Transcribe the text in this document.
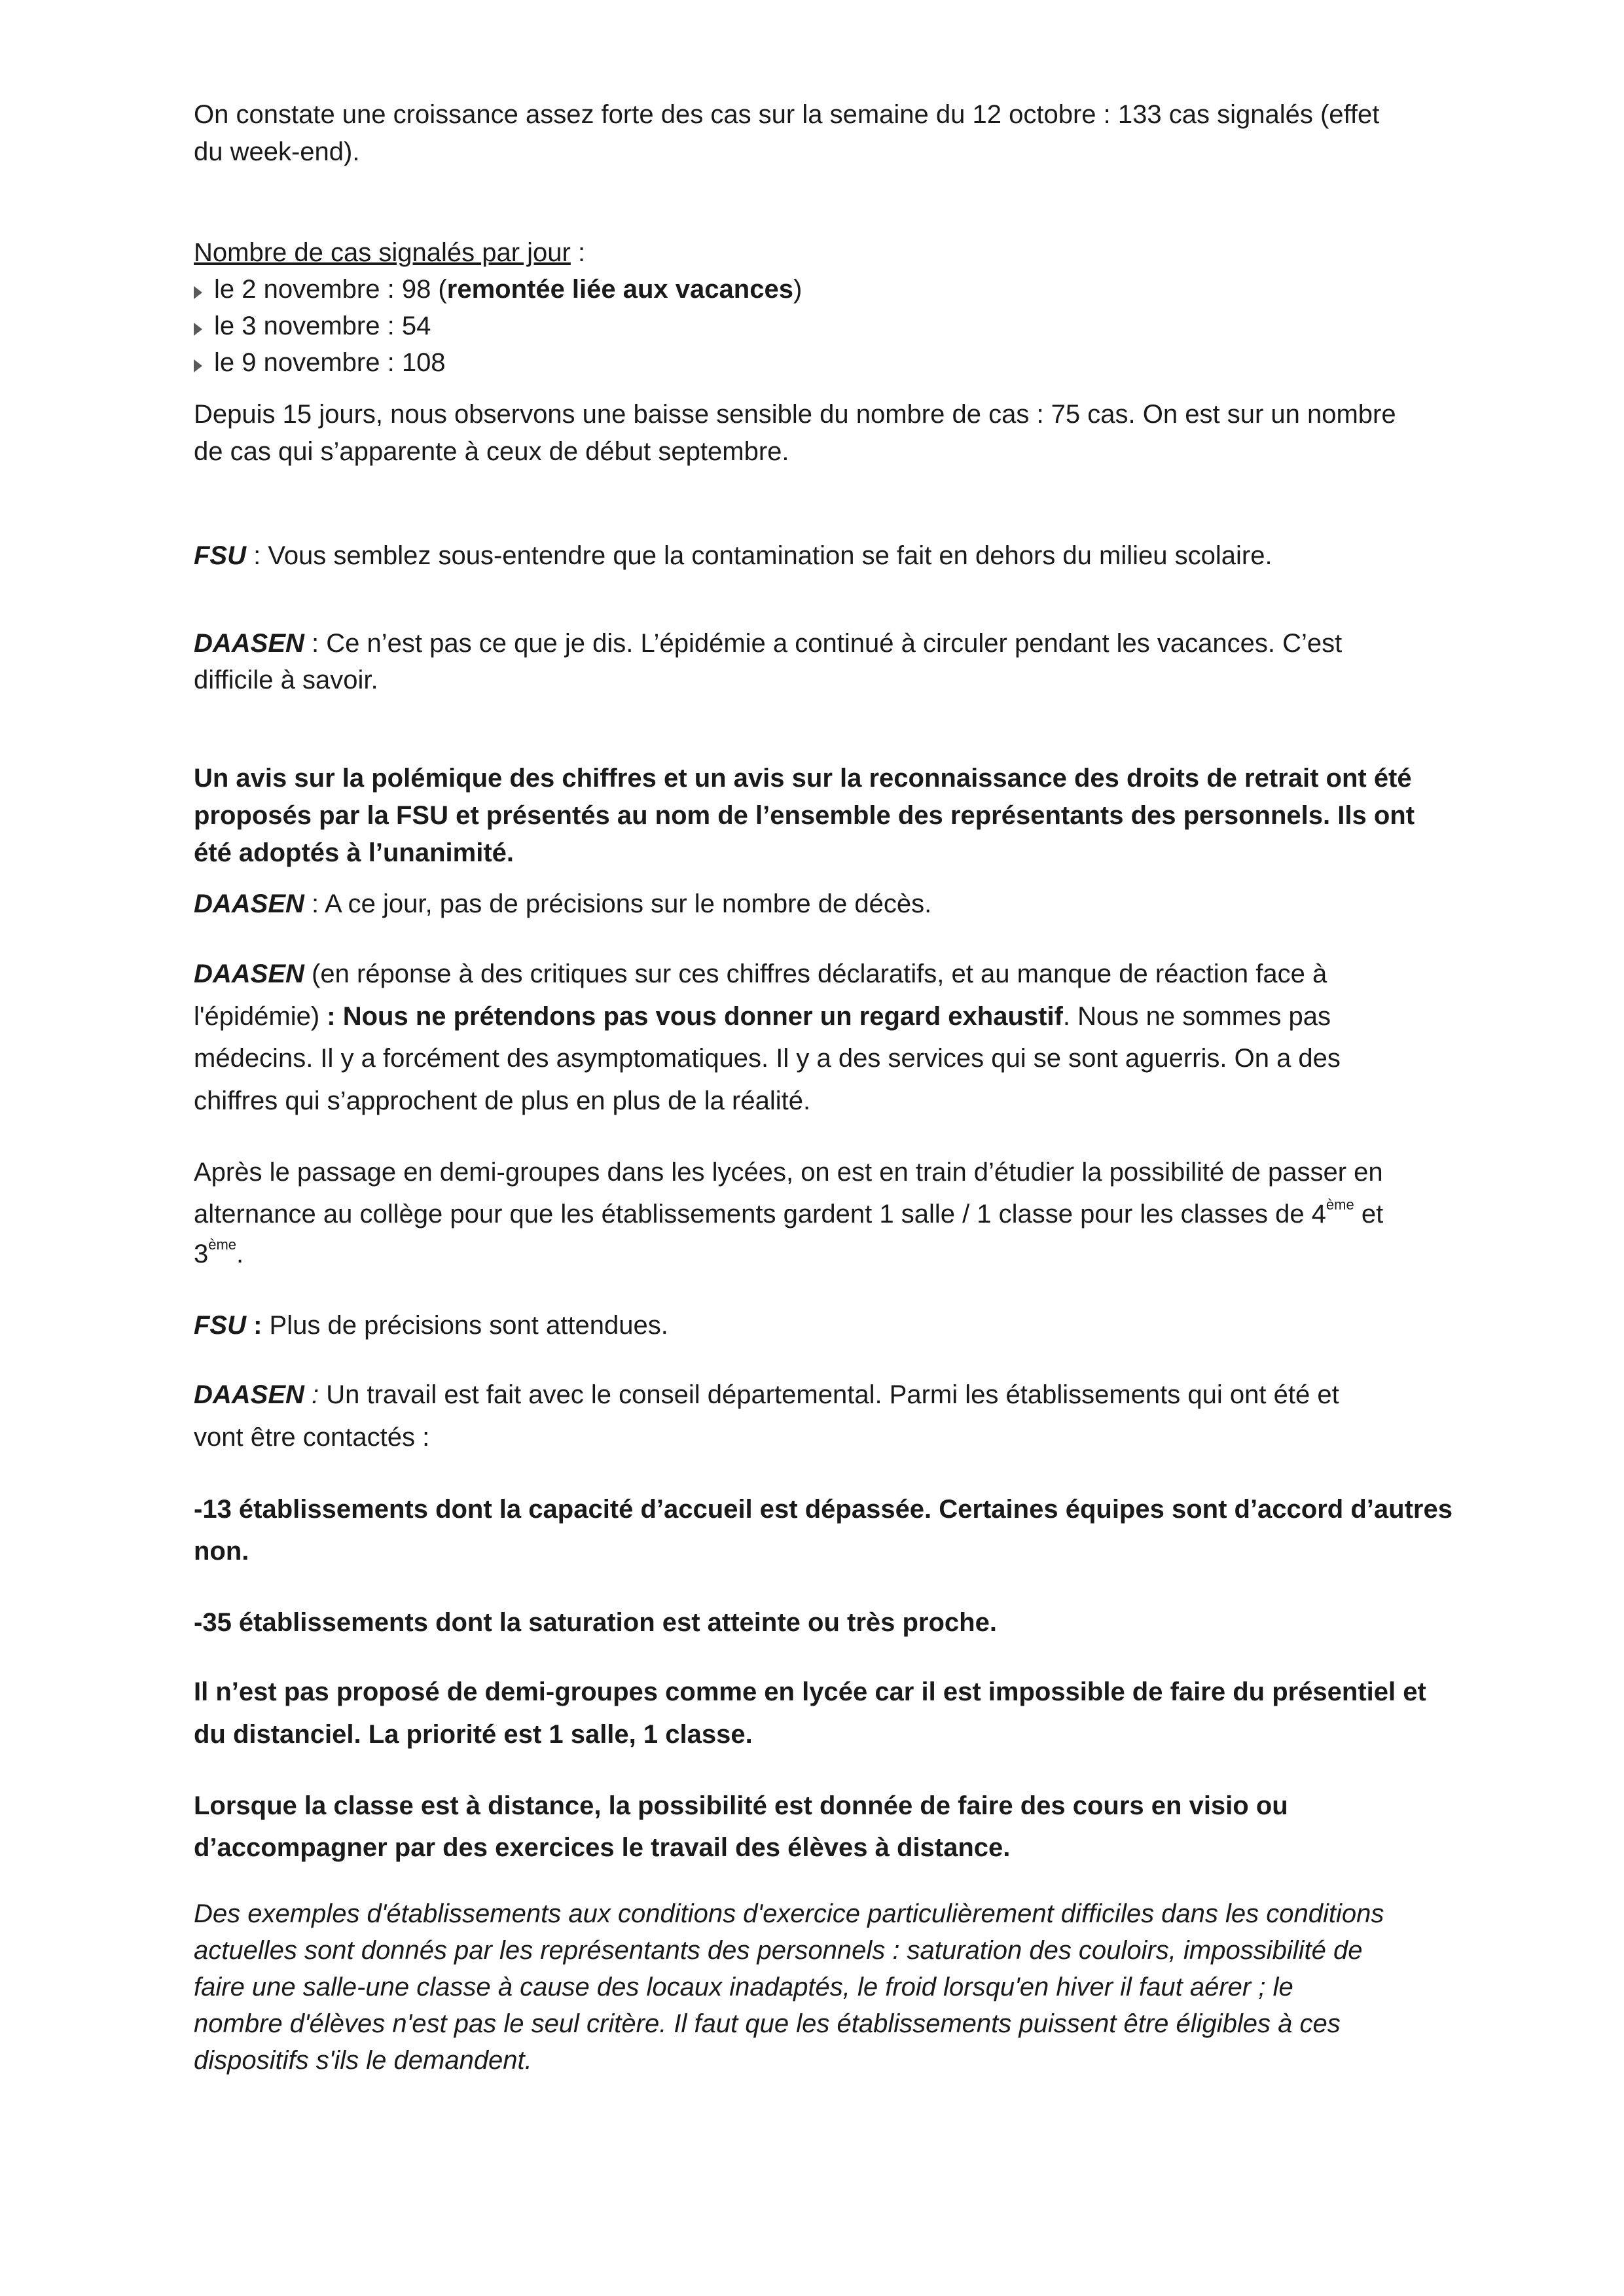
On constate une croissance assez forte des cas sur la semaine du 12 octobre : 133 cas signalés (effet
du week-end).
Nombre de cas signalés par jour :
le 2 novembre : 98 (remontée liée aux vacances)
le 3 novembre : 54
le 9 novembre : 108
Depuis 15 jours, nous observons une baisse sensible du nombre de cas : 75 cas. On est sur un nombre
de cas qui s’apparente à ceux de début septembre.
FSU : Vous semblez sous-entendre que la contamination se fait en dehors du milieu scolaire.
DAASEN : Ce n’est pas ce que je dis. L’épidémie a continué à circuler pendant les vacances. C’est
difficile à savoir.
Un avis sur la polémique des chiffres et un avis sur la reconnaissance des droits de retrait ont été
proposés par la FSU et présentés au nom de l’ensemble des représentants des personnels. Ils ont
été adoptés à l’unanimité.
DAASEN : A ce jour, pas de précisions sur le nombre de décès.
DAASEN (en réponse à des critiques sur ces chiffres déclaratifs, et au manque de réaction face à
l'épidémie) : Nous ne prétendons pas vous donner un regard exhaustif. Nous ne sommes pas
médecins. Il y a forcément des asymptomatiques. Il y a des services qui se sont aguerris. On a des
chiffres qui s’approchent de plus en plus de la réalité.
Après le passage en demi-groupes dans les lycées, on est en train d’étudier la possibilité de passer en
alternance au collège pour que les établissements gardent 1 salle / 1 classe pour les classes de 4ème et
3ème.
FSU : Plus de précisions sont attendues.
DAASEN : Un travail est fait avec le conseil départemental. Parmi les établissements qui ont été et
vont être contactés :
-13 établissements dont la capacité d’accueil est dépassée. Certaines équipes sont d’accord d’autres
non.
-35 établissements dont la saturation est atteinte ou très proche.
Il n’est pas proposé de demi-groupes comme en lycée car il est impossible de faire du présentiel et
du distanciel. La priorité est 1 salle, 1 classe.
Lorsque la classe est à distance, la possibilité est donnée de faire des cours en visio ou
d’accompagner par des exercices le travail des élèves à distance.
Des exemples d'établissements aux conditions d'exercice particulièrement difficiles dans les conditions
actuelles sont donnés par les représentants des personnels : saturation des couloirs, impossibilité de
faire une salle-une classe à cause des locaux inadaptés, le froid lorsqu'en hiver il faut aérer ; le
nombre d'élèves n'est pas le seul critère. Il faut que les établissements puissent être éligibles à ces
dispositifs s'ils le demandent.
